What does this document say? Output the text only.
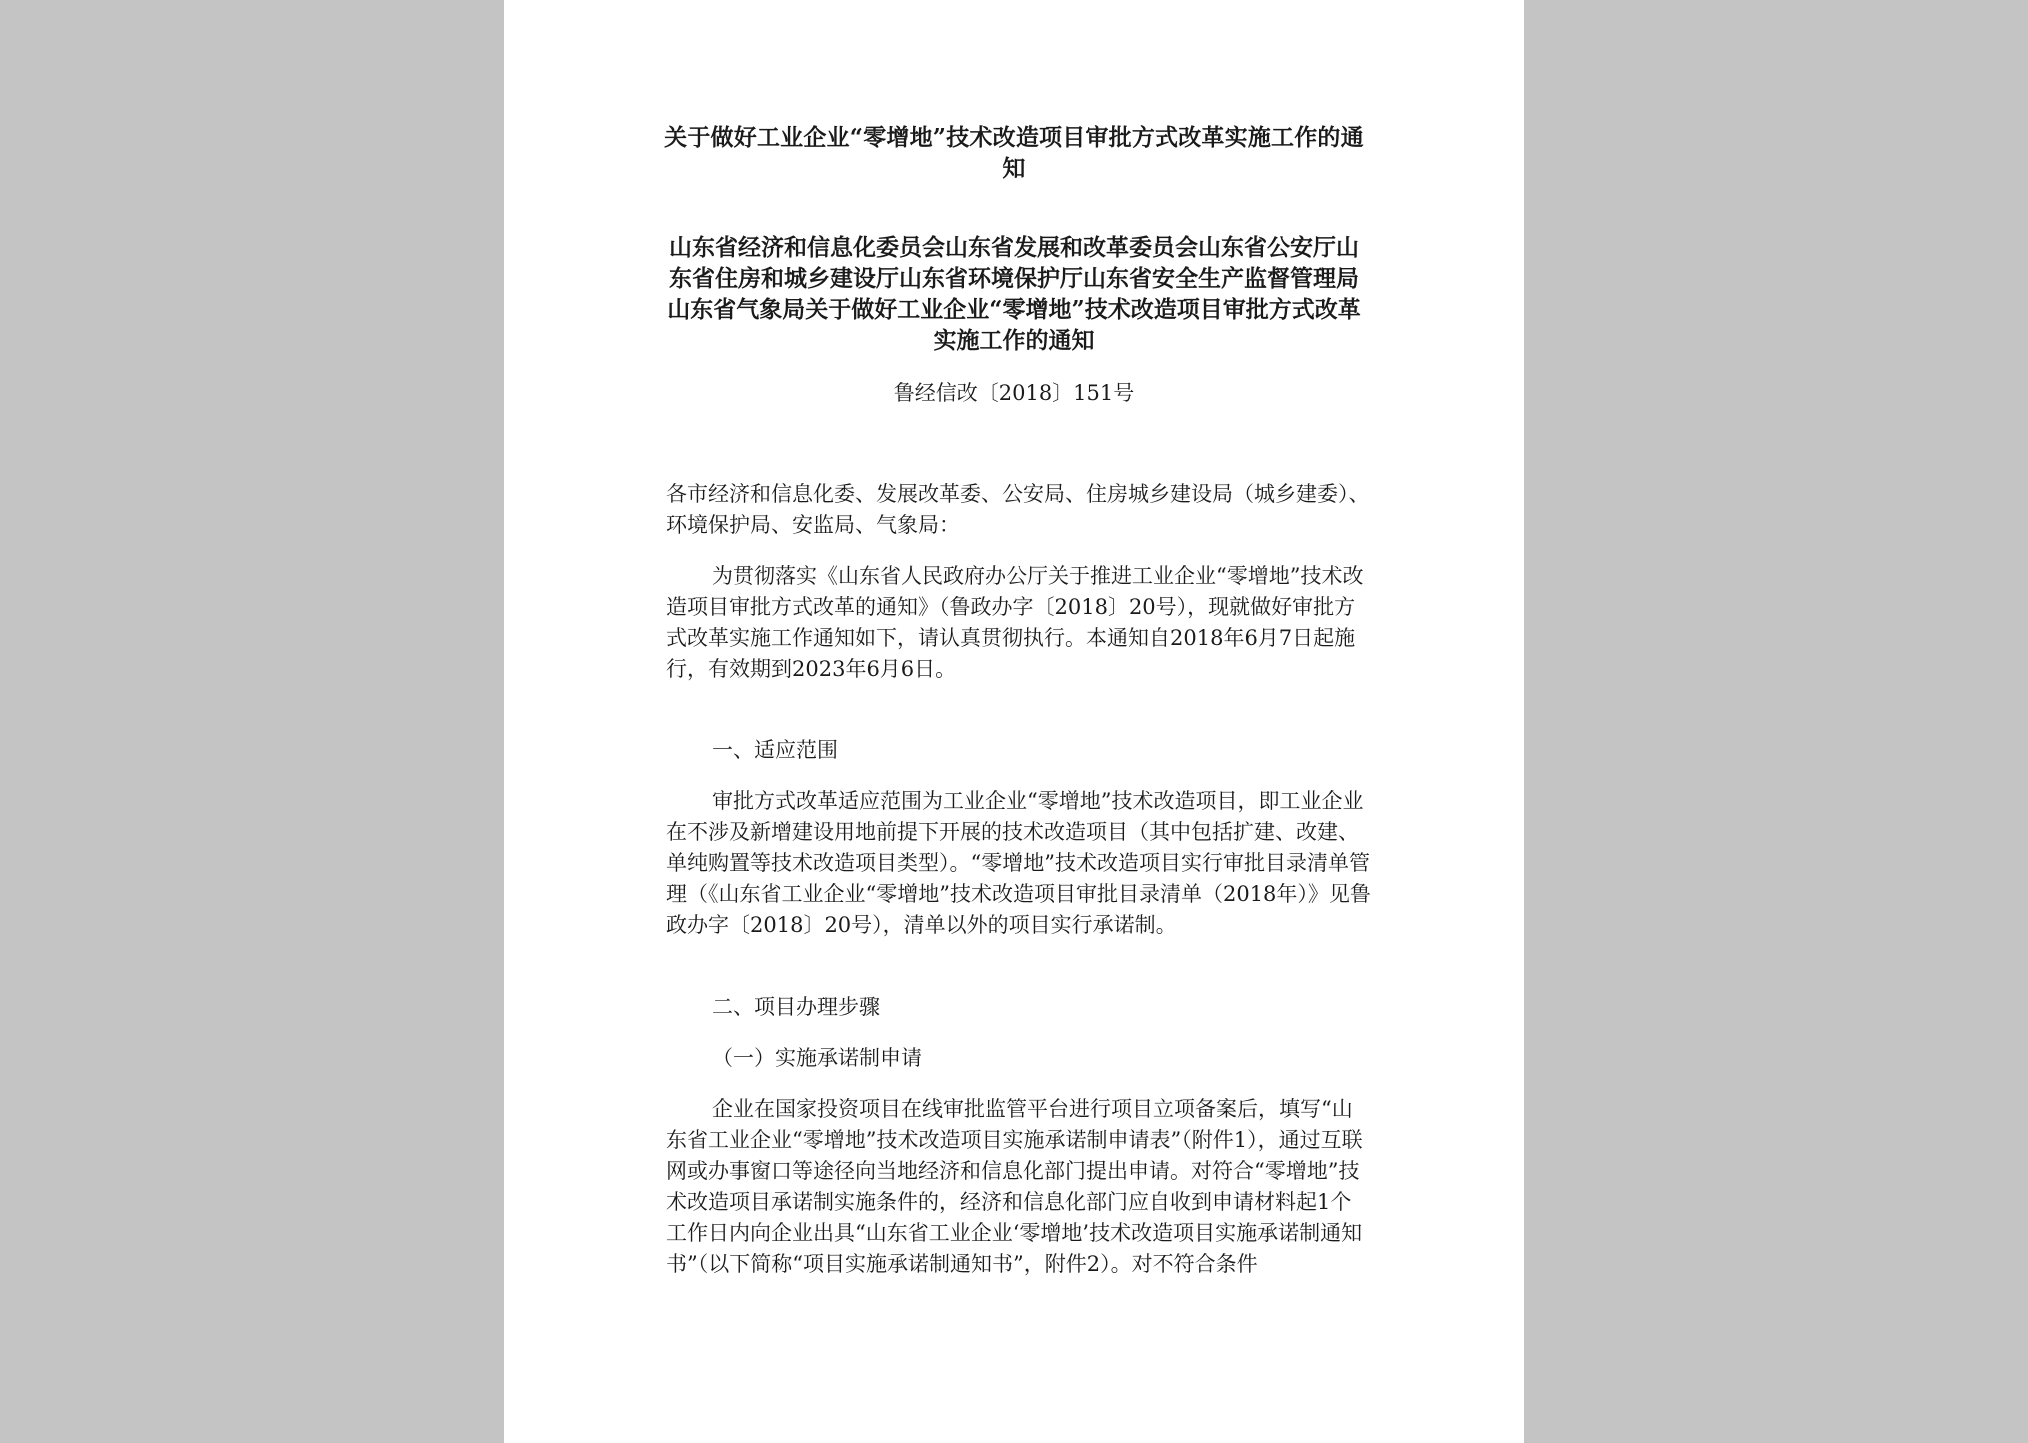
关于做好工业企业“零增地”技术改造项目审批方式改革实施工作的通知
山东省经济和信息化委员会山东省发展和改革委员会山东省公安厅山东省住房和城乡建设厅山东省环境保护厅山东省安全生产监督管理局山东省气象局关于做好工业企业“零增地”技术改造项目审批方式改革实施工作的通知

鲁经信改〔2018〕151号

各市经济和信息化委、发展改革委、公安局、住房城乡建设局（城乡建委）、环境保护局、安监局、气象局：

为贯彻落实《山东省人民政府办公厅关于推进工业企业“零增地”技术改造项目审批方式改革的通知》（鲁政办字〔2018〕20号），现就做好审批方式改革实施工作通知如下，请认真贯彻执行。本通知自2018年6月7日起施行，有效期到2023年6月6日。

一、适应范围

审批方式改革适应范围为工业企业“零增地”技术改造项目，即工业企业在不涉及新增建设用地前提下开展的技术改造项目（其中包括扩建、改建、单纯购置等技术改造项目类型）。“零增地”技术改造项目实行审批目录清单管理（《山东省工业企业“零增地”技术改造项目审批目录清单（2018年）》见鲁政办字〔2018〕20号），清单以外的项目实行承诺制。

二、项目办理步骤

（一）实施承诺制申请

企业在国家投资项目在线审批监管平台进行项目立项备案后，填写“山东省工业企业“零增地”技术改造项目实施承诺制申请表”（附件1），通过互联网或办事窗口等途径向当地经济和信息化部门提出申请。对符合“零增地”技术改造项目承诺制实施条件的，经济和信息化部门应自收到申请材料起1个工作日内向企业出具“山东省工业企业‘零增地’技术改造项目实施承诺制通知书”（以下简称“项目实施承诺制通知书”，附件2）。对不符合条件
